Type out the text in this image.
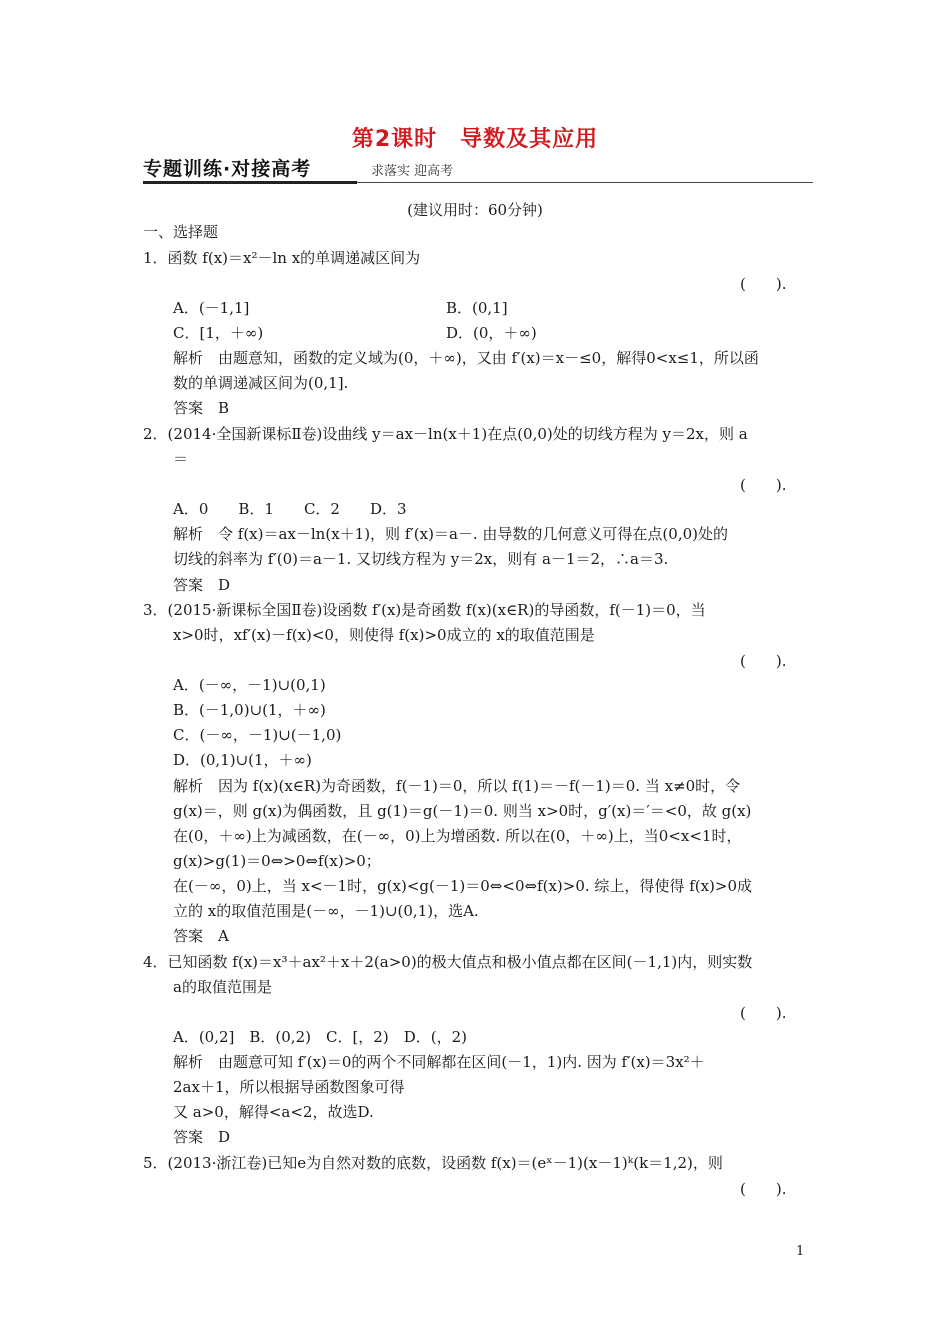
第2课时　导数及其应用
专题训练·对接高考	求落实 迎高考
(建议用时：60分钟)
一、选择题
1．函数 f(x)＝x²－ln x的单调递减区间为
(　　).
A．(－1,1]	B．(0,1]
C．[1，＋∞)	D．(0，＋∞)
解析　由题意知，函数的定义域为(0，＋∞)，又由 f′(x)＝x－≤0，解得0<x≤1，所以函
数的单调递减区间为(0,1].
答案　B
2．(2014·全国新课标Ⅱ卷)设曲线 y＝ax－ln(x＋1)在点(0,0)处的切线方程为 y＝2x，则 a
＝
(　　).
A．0　　B．1　　C．2　　D．3
解析　令 f(x)＝ax－ln(x＋1)，则 f′(x)＝a－. 由导数的几何意义可得在点(0,0)处的
切线的斜率为 f′(0)＝a－1. 又切线方程为 y＝2x，则有 a－1＝2，∴a＝3.
答案　D
3．(2015·新课标全国Ⅱ卷)设函数 f′(x)是奇函数 f(x)(x∈R)的导函数，f(－1)＝0，当
x>0时，xf′(x)－f(x)<0，则使得 f(x)>0成立的 x的取值范围是
(　　).
A．(－∞，－1)∪(0,1)
B．(－1,0)∪(1，＋∞)
C．(－∞，－1)∪(－1,0)
D．(0,1)∪(1，＋∞)
解析　因为 f(x)(x∈R)为奇函数，f(－1)＝0，所以 f(1)＝－f(－1)＝0. 当 x≠0时，令
g(x)＝，则 g(x)为偶函数，且 g(1)＝g(－1)＝0. 则当 x>0时，g′(x)＝′＝<0，故 g(x)
在(0，＋∞)上为减函数，在(－∞，0)上为增函数. 所以在(0，＋∞)上，当0<x<1时，
g(x)>g(1)＝0⇔>0⇔f(x)>0；
在(－∞，0)上，当 x<－1时，g(x)<g(－1)＝0⇔<0⇔f(x)>0. 综上，得使得 f(x)>0成
立的 x的取值范围是(－∞，－1)∪(0,1)，选A.
答案　A
4．已知函数 f(x)＝x³＋ax²＋x＋2(a>0)的极大值点和极小值点都在区间(－1,1)内，则实数
a的取值范围是
(　　).
A．(0,2]　B．(0,2)　C．[，2)　D．(，2)
解析　由题意可知 f′(x)＝0的两个不同解都在区间(－1，1)内. 因为 f′(x)＝3x²＋
2ax＋1，所以根据导函数图象可得
又 a>0，解得<a<2，故选D.
答案　D
5．(2013·浙江卷)已知e为自然对数的底数，设函数 f(x)＝(eˣ－1)(x－1)ᵏ(k＝1,2)，则
(　　).
1
